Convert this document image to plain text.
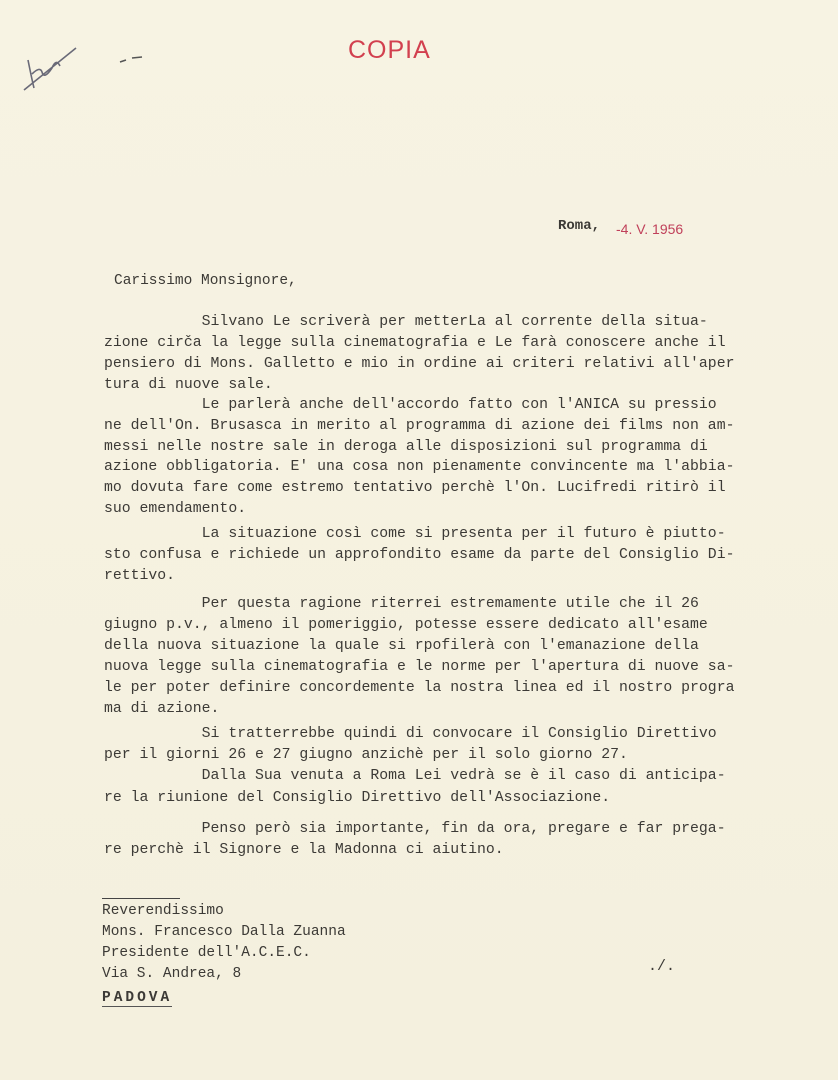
COPIA
Roma, -4. V. 1956
Carissimo Monsignore,
Silvano Le scriverà per metterLa al corrente della situa-
zione cirča la legge sulla cinematografia e Le farà conoscere anche il
pensiero di Mons. Galletto e mio in ordine ai criteri relativi all'aper
tura di nuove sale.
Le parlerà anche dell'accordo fatto con l'ANICA su pressio
ne dell'On. Brusasca in merito al programma di azione dei films non am-
messi nelle nostre sale in deroga alle disposizioni sul programma di
azione obbligatoria. E' una cosa non pienamente convincente ma l'abbia-
mo dovuta fare come estremo tentativo perchè l'On. Lucifredi ritirò il
suo emendamento.
La situazione così come si presenta per il futuro è piutto-
sto confusa e richiede un approfondito esame da parte del Consiglio Di-
rettivo.
Per questa ragione riterrei estremamente utile che il 26
giugno p.v., almeno il pomeriggio, potesse essere dedicato all'esame
della nuova situazione la quale si rpofilerà con l'emanazione della
nuova legge sulla cinematografia e le norme per l'apertura di nuove sa-
le per poter definire concordemente la nostra linea ed il nostro progra
ma di azione.
Si tratterrebbe quindi di convocare il Consiglio Direttivo
per il giorni 26 e 27 giugno anzichè per il solo giorno 27.
Dalla Sua venuta a Roma Lei vedrà se è il caso di anticipa-
re la riunione del Consiglio Direttivo dell'Associazione.
Penso però sia importante, fin da ora, pregare e far prega-
re perchè il Signore e la Madonna ci aiutino.
Reverendissimo
Mons. Francesco Dalla Zuanna
Presidente dell'A.C.E.C.
Via S. Andrea, 8
PADOVA
./.
